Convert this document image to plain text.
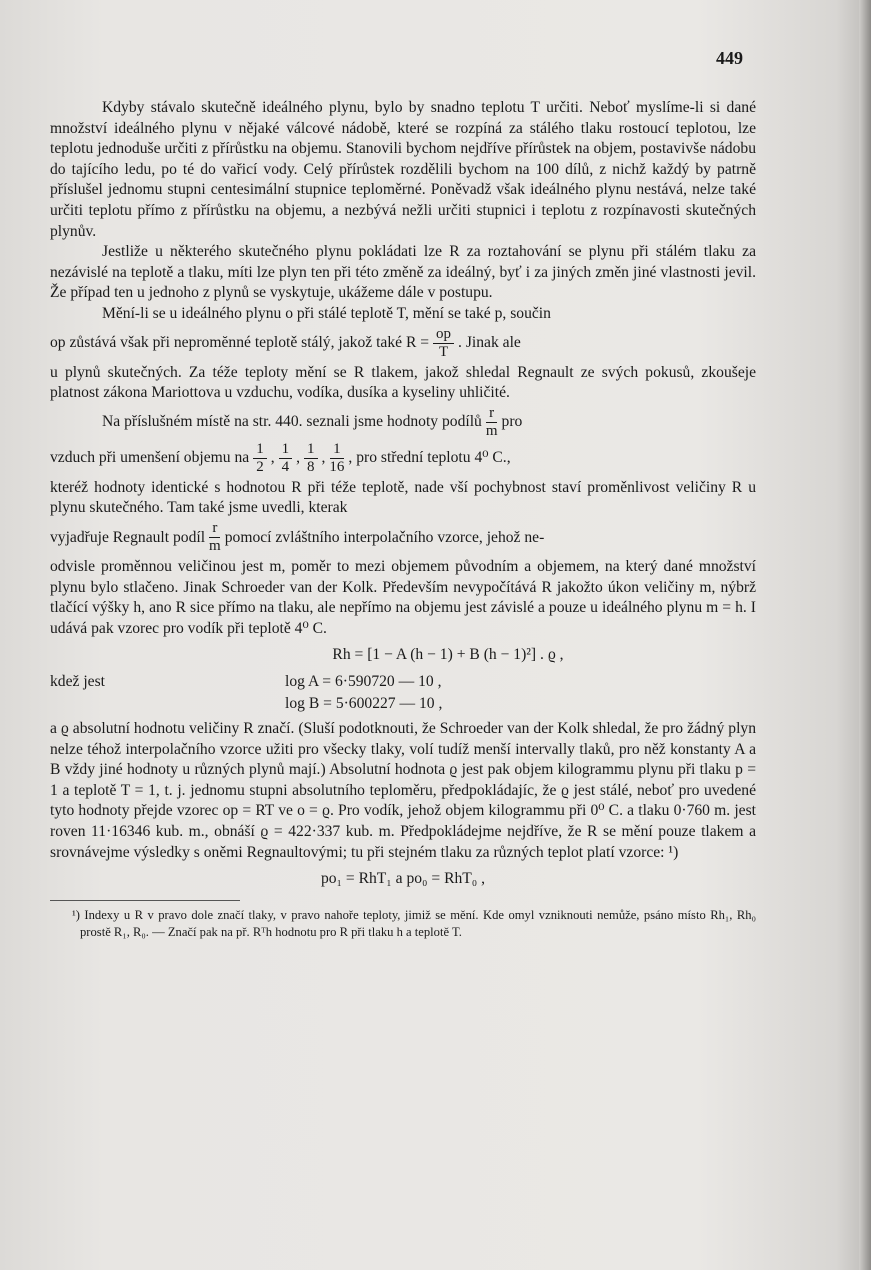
449

Kdyby stávalo skutečně ideálného plynu, bylo by snadno teplotu T určiti. Neboť myslíme-li si dané množství ideálného plynu v nějaké válcové nádobě, které se rozpíná za stálého tlaku rostoucí teplotou, lze teplotu jednoduše určiti z přírůstku na objemu. Stanovili bychom nejdříve přírůstek na objem, postavivše nádobu do tajícího ledu, po té do vařicí vody. Celý přírůstek rozdělili bychom na 100 dílů, z nichž každý by patrně příslušel jednomu stupni centesimální stupnice teploměrné. Poněvadž však ideálného plynu nestává, nelze také určiti teplotu přímo z přírůstku na objemu, a nezbývá nežli určiti stupnici i teplotu z rozpínavosti skutečných plynův.

Jestliže u některého skutečného plynu pokládati lze R za roztahování se plynu při stálém tlaku za nezávislé na teplotě a tlaku, míti lze plyn ten při této změně za ideálný, byť i za jiných změn jiné vlastnosti jevil. Že případ ten u jednoho z plynů se vyskytuje, ukážeme dále v postupu.

Mění-li se u ideálného plynu o při stálé teplotě T, mění se také p, součin

op zůstává však při nepromĕnné teplotě stálý, jakož také $R = \frac{op}{T}$ . Jinak ale

u plynů skutečných. Za téže teploty mění se R tlakem, jakož shledal Regnault ze svých pokusů, zkoušeje platnost zákona Mariottova u vzduchu, vodíka, dusíka a kyseliny uhličité.

Na příslušném místě na str. 440. seznali jsme hodnoty podílů $\frac{r}{m}$ pro
vzduch při umenšení objemu na $\frac{1}{2}$ , $\frac{1}{4}$ , $\frac{1}{8}$ , $\frac{1}{16}$ , pro střední teplotu 4⁰ C.,

kteréž hodnoty identické s hodnotou R při téže teplotě, nade vší pochybnost staví proměnlivost veličiny R u plynu skutečného. Tam také jsme uvedli, kterak

vyjadřuje Regnault podíl $\frac{r}{m}$ pomocí zvláštního interpolačního vzorce, jehož ne-

odvisle proměnnou veličinou jest m, poměr to mezi objemem původním a objemem, na který dané množství plynu bylo stlačeno. Jinak Schroeder van der Kolk. Především nevypočítává R jakožto úkon veličiny m, nýbrž tlačící výšky h, ano R sice přímo na tlaku, ale nepřímo na objemu jest závislé a pouze u ideálného plynu m = h. I udává pak vzorec pro vodík při teplotě 4⁰ C.

Rh = [1 − A (h − 1) + B (h − 1)²] . ϱ ,
kdež jest	log A = 6·590720 — 10 ,
log B = 5·600227 — 10 ,

a ϱ absolutní hodnotu veličiny R značí. (Sluší podotknouti, že Schroeder van der Kolk shledal, že pro žádný plyn nelze téhož interpolačního vzorce užiti pro všecky tlaky, volí tudíž menší intervally tlaků, pro něž konstanty A a B vždy jiné hodnoty u různých plynů mají.) Absolutní hodnota ϱ jest pak objem kilogrammu plynu při tlaku p = 1 a teplotě T = 1, t. j. jednomu stupni absolutního teploměru, předpokládajíc, že ϱ jest stálé, neboť pro uvedené tyto hodnoty přejde vzorec op = RT ve o = ϱ. Pro vodík, jehož objem kilogrammu při 0⁰ C. a tlaku 0·760 m. jest roven 11·16346 kub. m., obnáší ϱ = 422·337 kub. m. Předpokládejme nejdříve, že R se mění pouze tlakem a srovnávejme výsledky s oněmi Regnaultovými; tu při stejném tlaku za různých teplot platí vzorce: ¹)

po₁ = RhT₁ a po₀ = RhT₀ ,

¹) Indexy u R v pravo dole značí tlaky, v pravo nahoře teploty, jimiž se mění. Kde omyl vzniknouti nemůže, psáno místo Rh₁, Rh₀ prostě R₁, R₀. — Značí pak na př. Rᵀh hodnotu pro R při tlaku h a teplotě T.
